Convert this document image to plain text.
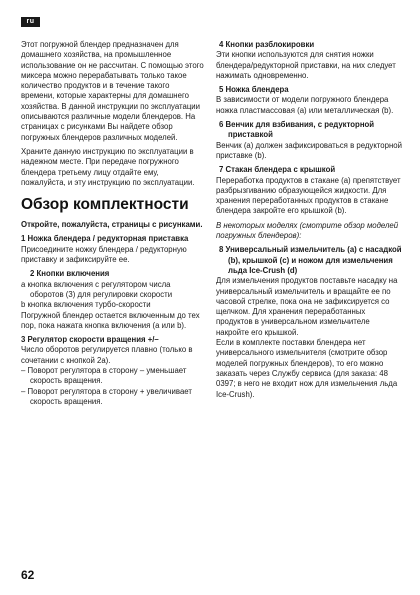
ru

Этот погружной блендер предназначен для домашнего хозяйства, на промышленное использование он не рассчитан. С помощью этого миксера можно перерабатывать только такое количество продуктов и в течение такого времени, которые характерны для домашнего хозяйства. В данной инструкции по эксплуатации описываются различные модели блендеров. На страницах с рисунками Вы найдете обзор погружных блендеров различных моделей.

Храните данную инструкцию по эксплуатации в надежном месте. При передаче погружного блендера третьему лицу отдайте ему, пожалуйста, и эту инструкцию по эксплуатации.

Обзор комплектности

Откройте, пожалуйста, страницы с рисунками.

1 Ножка блендера / редукторная приставка

Присоедините ножку блендера / редукторную приставку и зафиксируйте ее.

2 Кнопки включения

a кнопка включения с регулятором числа оборотов (3) для регулировки скорости

b кнопка включения турбо-скорости

Погружной блендер остается включенным до тех пор, пока нажата кнопка включения (a или b).

3 Регулятор скорости вращения +/–

Число оборотов регулируется плавно (только в сочетании с кнопкой 2a).

– Поворот регулятора в сторону – уменьшает скорость вращения.

– Поворот регулятора в сторону + увеличивает скорость вращения.

4 Кнопки разблокировки

Эти кнопки используются для снятия ножки блендера/редукторной приставки, на них следует нажимать одновременно.

5 Ножка блендера

В зависимости от модели погружного блендера ножка пластмассовая (a) или металлическая (b).

6 Венчик для взбивания, с редукторной приставкой

Венчик (a) должен зафиксироваться в редукторной приставке (b).

7 Стакан блендера с крышкой

Переработка продуктов в стакане (a) препятствует разбрызгиванию образующейся жидкости. Для хранения переработанных продуктов в стакане блендера закройте его крышкой (b).

В некоторых моделях (смотрите обзор моделей погружных блендеров):

8 Универсальный измельчитель (a) с насадкой (b), крышкой (c) и ножом для измельчения льда Ice-Crush (d)

Для измельчения продуктов поставьте насадку на универсальный измельчитель и вращайте ее по часовой стрелке, пока она не зафиксируется со щелчком. Для хранения переработанных продуктов в универсальном измельчителе накройте его крышкой.

Если в комплекте поставки блендера нет универсального измельчителя (смотрите обзор моделей погружных блендеров), то его можно заказать через Службу сервиса (для заказа: 48 0397; в него не входит нож для измельчения льда Ice-Crush).

62
